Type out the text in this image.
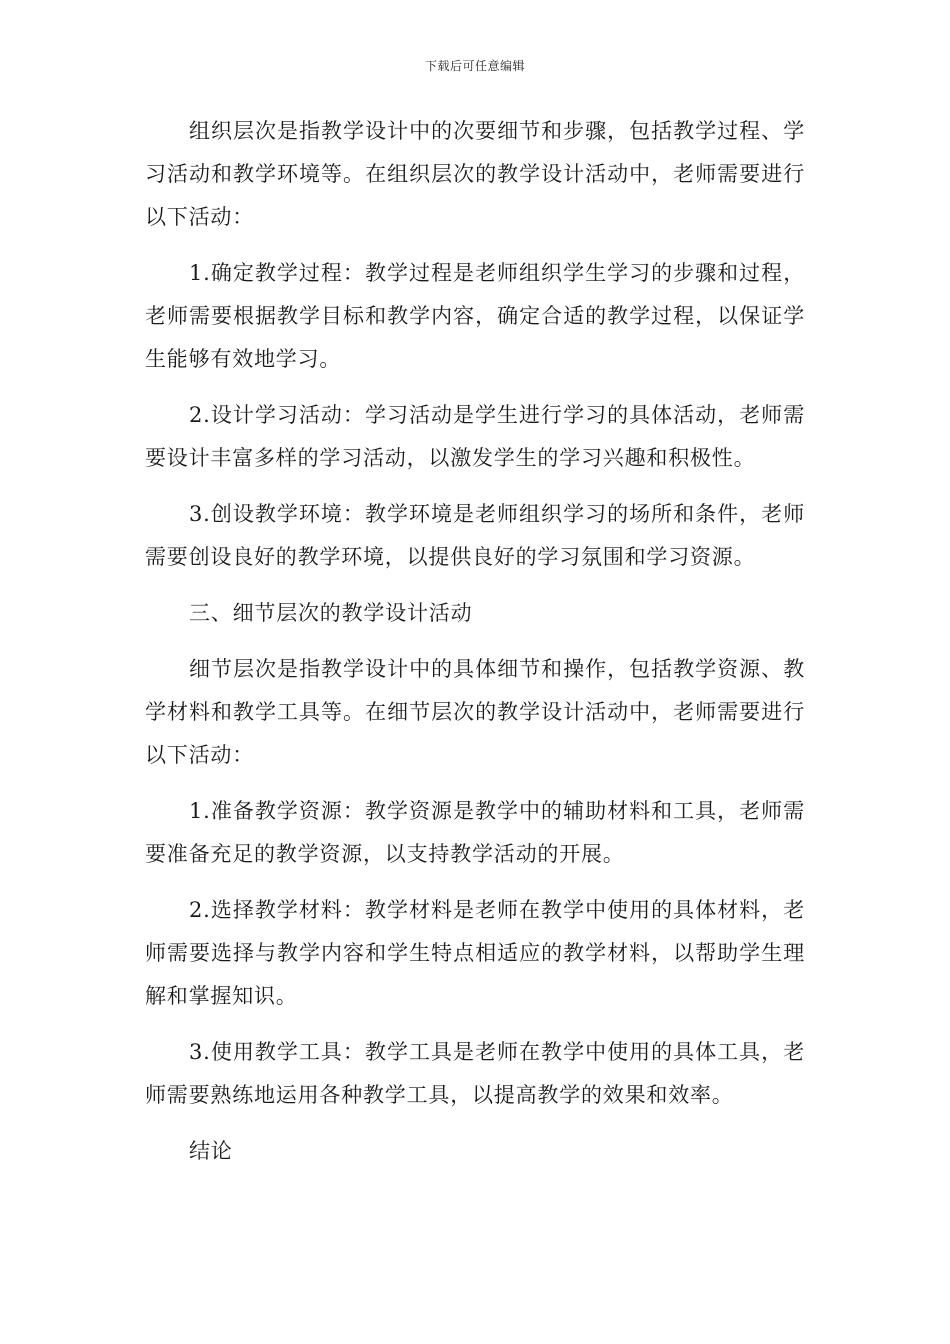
下载后可任意编辑

组织层次是指教学设计中的次要细节和步骤，包括教学过程、学习活动和教学环境等。在组织层次的教学设计活动中，老师需要进行以下活动：

1.确定教学过程：教学过程是老师组织学生学习的步骤和过程，老师需要根据教学目标和教学内容，确定合适的教学过程，以保证学生能够有效地学习。

2.设计学习活动：学习活动是学生进行学习的具体活动，老师需要设计丰富多样的学习活动，以激发学生的学习兴趣和积极性。

3.创设教学环境：教学环境是老师组织学习的场所和条件，老师需要创设良好的教学环境，以提供良好的学习氛围和学习资源。

三、细节层次的教学设计活动

细节层次是指教学设计中的具体细节和操作，包括教学资源、教学材料和教学工具等。在细节层次的教学设计活动中，老师需要进行以下活动：

1.准备教学资源：教学资源是教学中的辅助材料和工具，老师需要准备充足的教学资源，以支持教学活动的开展。

2.选择教学材料：教学材料是老师在教学中使用的具体材料，老师需要选择与教学内容和学生特点相适应的教学材料，以帮助学生理解和掌握知识。

3.使用教学工具：教学工具是老师在教学中使用的具体工具，老师需要熟练地运用各种教学工具，以提高教学的效果和效率。

结论
